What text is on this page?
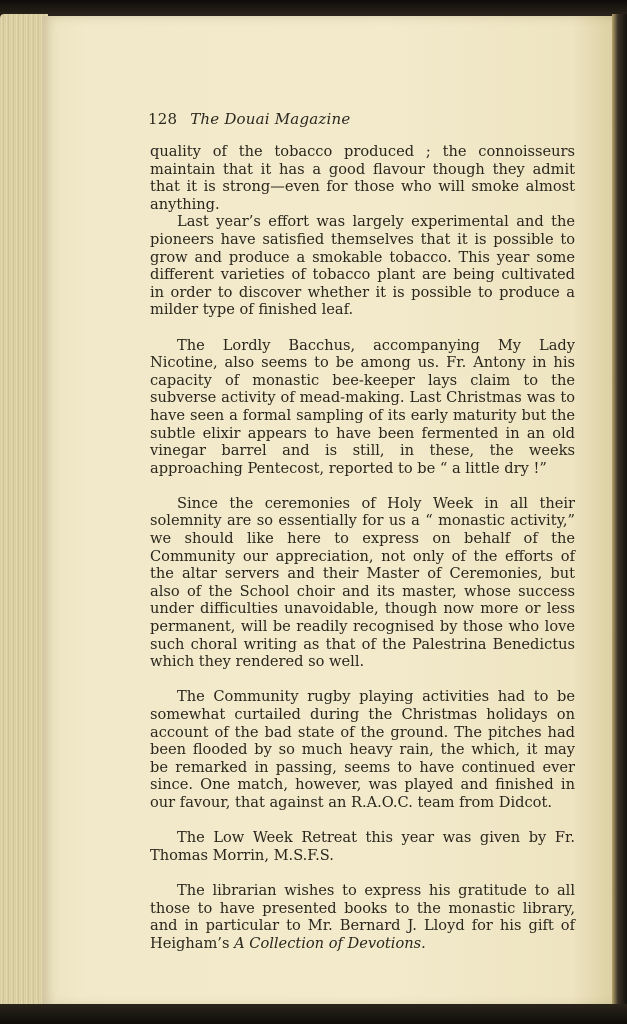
128 The Douai Magazine

quality of the tobacco produced ; the connoisseurs maintain that it has a good flavour though they admit that it is strong—even for those who will smoke almost anything.

Last year’s effort was largely experimental and the pioneers have satisfied themselves that it is possible to grow and produce a smokable tobacco. This year some different varieties of tobacco plant are being cultivated in order to discover whether it is possible to produce a milder type of finished leaf.

The Lordly Bacchus, accompanying My Lady Nicotine, also seems to be among us. Fr. Antony in his capacity of monastic bee-keeper lays claim to the subverse activity of mead-making. Last Christmas was to have seen a formal sampling of its early maturity but the subtle elixir appears to have been fermented in an old vinegar barrel and is still, in these, the weeks approaching Pentecost, reported to be “ a little dry !”

Since the ceremonies of Holy Week in all their solemnity are so essentially for us a “ monastic activity,” we should like here to express on behalf of the Community our appreciation, not only of the efforts of the altar servers and their Master of Ceremonies, but also of the School choir and its master, whose success under difficulties unavoidable, though now more or less permanent, will be readily recognised by those who love such choral writing as that of the Palestrina Benedictus which they rendered so well.

The Community rugby playing activities had to be somewhat curtailed during the Christmas holidays on account of the bad state of the ground. The pitches had been flooded by so much heavy rain, the which, it may be remarked in passing, seems to have continued ever since. One match, however, was played and finished in our favour, that against an R.A.O.C. team from Didcot.

The Low Week Retreat this year was given by Fr. Thomas Morrin, M.S.F.S.

The librarian wishes to express his gratitude to all those to have presented books to the monastic library, and in particular to Mr. Bernard J. Lloyd for his gift of Heigham’s A Collection of Devotions.
